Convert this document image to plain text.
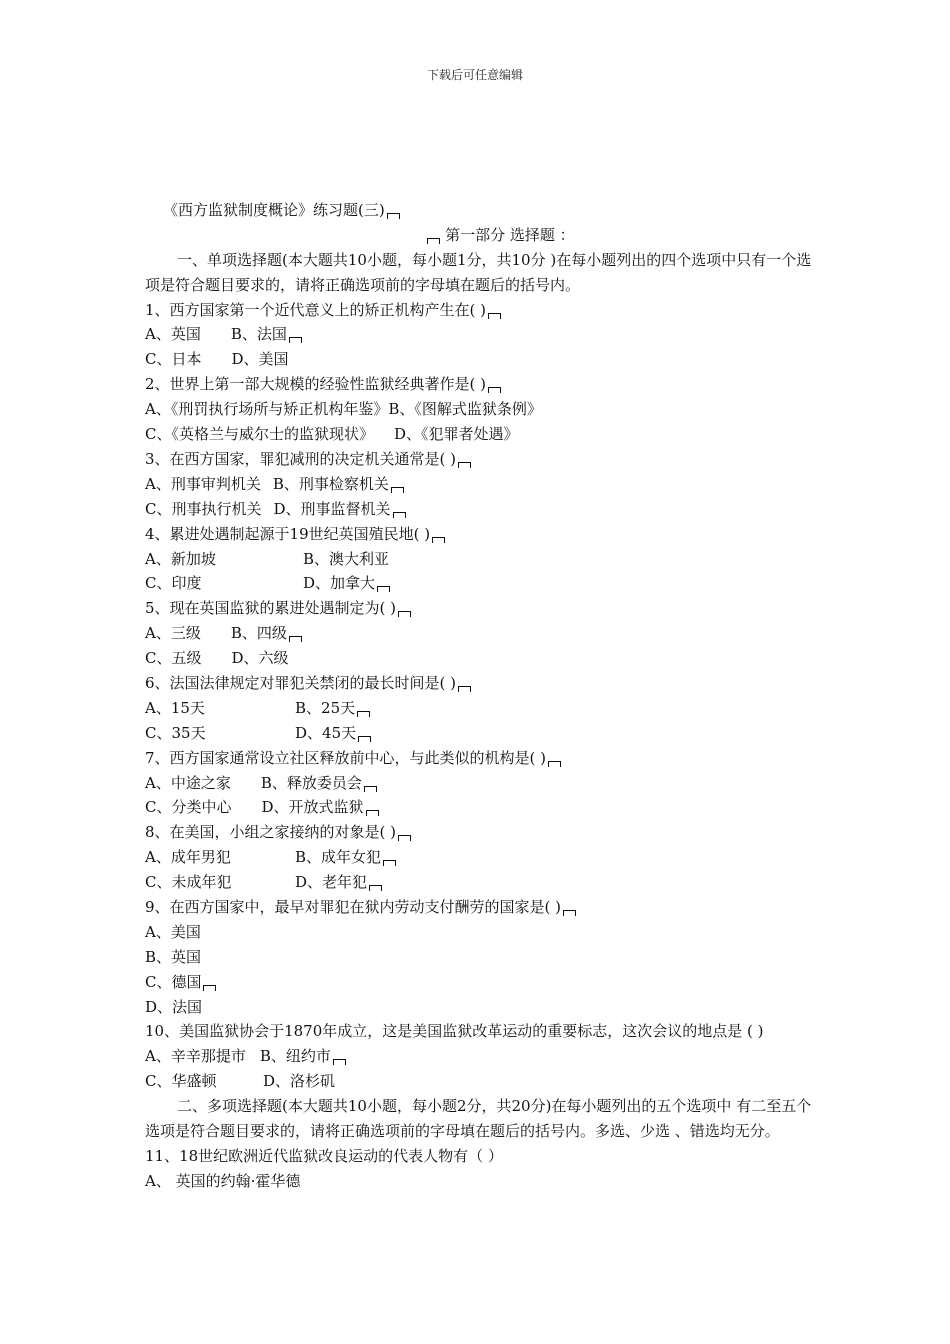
下载后可任意编辑
《西方监狱制度概论》练习题(三)
第一部分 选择题 ：
一、单项选择题(本大题共10小题，每小题1分，共10分 )在每小题列出的四个选项中只有一个选项是符合题目要求的，请将正确选项前的字母填在题后的括号内。
1、西方国家第一个近代意义上的矫正机构产生在( )
A、英国 B、法国
C、日本 D、美国
2、世界上第一部大规模的经验性监狱经典著作是( )
A、《刑罚执行场所与矫正机构年鉴》B、《图解式监狱条例》
C、《英格兰与威尔士的监狱现状》 D、《犯罪者处遇》
3、在西方国家，罪犯减刑的决定机关通常是( )
A、刑事审判机关 B、刑事检察机关
C、刑事执行机关 D、刑事监督机关
4、累进处遇制起源于19世纪英国殖民地( )
A、新加坡	B、澳大利亚
C、印度	D、加拿大
5、现在英国监狱的累进处遇制定为( )
A、三级 B、四级
C、五级 D、六级
6、法国法律规定对罪犯关禁闭的最长时间是( )
A、15天	B、25天
C、35天	D、45天
7、西方国家通常设立社区释放前中心，与此类似的机构是( )
A、中途之家 B、释放委员会
C、分类中心 D、开放式监狱
8、在美国，小组之家接纳的对象是( )
A、成年男犯	B、成年女犯
C、未成年犯	D、老年犯
9、在西方国家中，最早对罪犯在狱内劳动支付酬劳的国家是( )
A、美国
B、英国
C、德国
D、法国
10、美国监狱协会于1870年成立，这是美国监狱改革运动的重要标志，这次会议的地点是 ( )
A、辛辛那提市 B、纽约市
C、华盛顿	D、洛杉矶
二、多项选择题(本大题共10小题，每小题2分，共20分)在每小题列出的五个选项中 有二至五个选项是符合题目要求的，请将正确选项前的字母填在题后的括号内。多选、少选 、错选均无分。
11、18世纪欧洲近代监狱改良运动的代表人物有（ ）
A、 英国的约翰·霍华德
